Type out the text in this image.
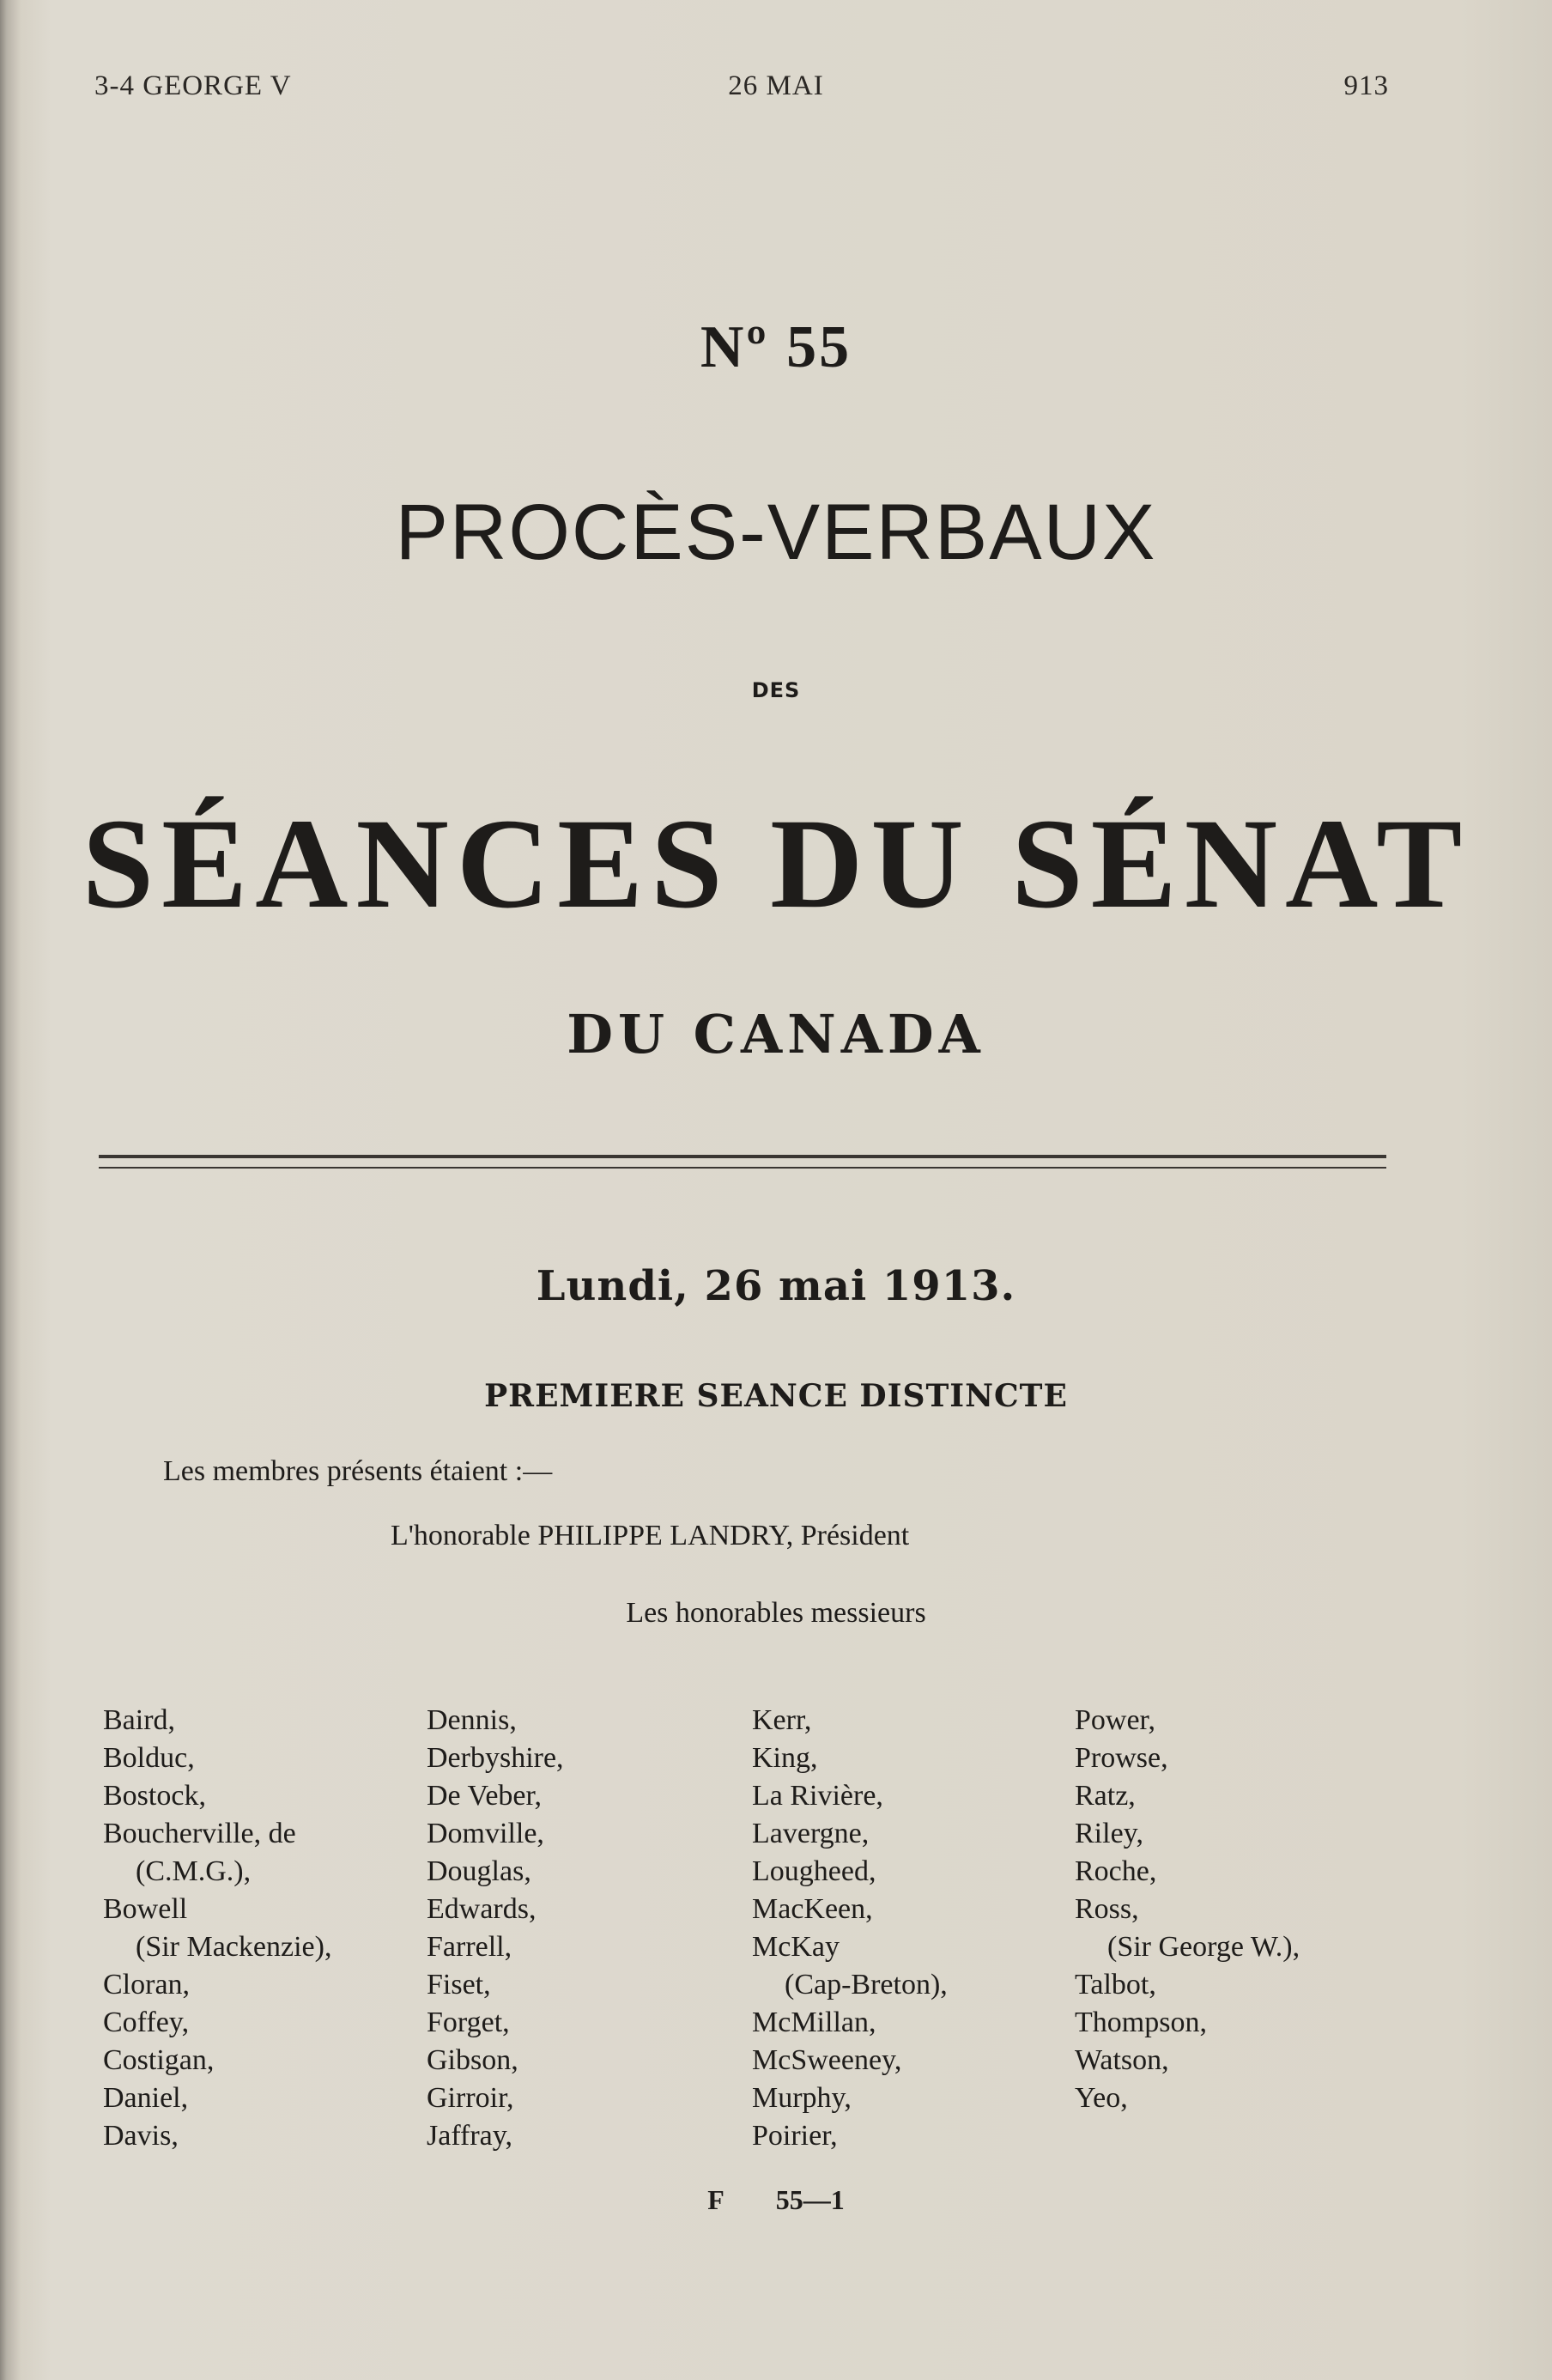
3-4 GEORGE V	26 MAI	913
Nº 55
PROCÈS-VERBAUX
DES
SÉANCES DU SÉNAT
DU CANADA
Lundi, 26 mai 1913.
PREMIERE SEANCE DISTINCTE
Les membres présents étaient :—
L'honorable PHILIPPE LANDRY, Président
Les honorables messieurs
Baird,
Bolduc,
Bostock,
Boucherville, de
(C.M.G.),
Bowell
(Sir Mackenzie),
Cloran,
Coffey,
Costigan,
Daniel,
Davis,
Dennis,
Derbyshire,
De Veber,
Domville,
Douglas,
Edwards,
Farrell,
Fiset,
Forget,
Gibson,
Girroir,
Jaffray,
Kerr,
King,
La Rivière,
Lavergne,
Lougheed,
MacKeen,
McKay
(Cap-Breton),
McMillan,
McSweeney,
Murphy,
Poirier,
Power,
Prowse,
Ratz,
Riley,
Roche,
Ross,
(Sir George W.),
Talbot,
Thompson,
Watson,
Yeo,
F 55—1
